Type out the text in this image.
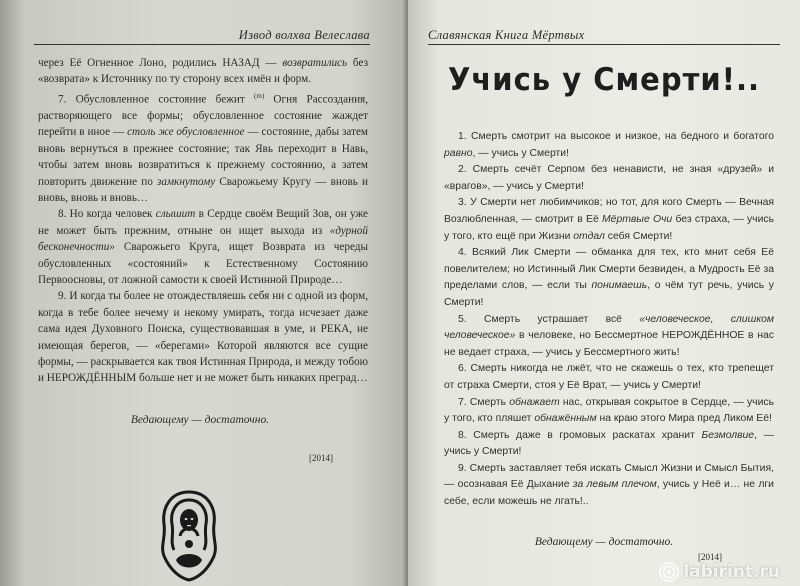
Извод волхва Велеслава

через Её Огненное Лоно, родились НАЗАД — возвратились без «возврата» к Источнику по ту сторону всех имён и форм.

7. Обусловленное состояние бежит $^{(m)}$ Огня Рассоздания, растворяющего все формы; обусловленное состояние жаждет перейти в иное — столь же обусловленное — состояние, дабы затем вновь вернуться в прежнее состояние; так Явь переходит в Навь, чтобы затем вновь возвратиться к прежнему состоянию, а затем повторить движение по замкнутому Сварожьему Кругу — вновь и вновь, вновь и вновь…

8. Но когда человек слышит в Сердце своём Вещий Зов, он уже не может быть прежним, отныне он ищет выхода из «дурной бесконечности» Сварожьего Круга, ищет Возврата из череды обусловленных «состояний» к Естественному Состоянию Первоосновы, от ложной самости к своей Истинной Природе…

9. И когда ты более не отождествляешь себя ни с одной из форм, когда в тебе более нечему и некому умирать, тогда исчезает даже сама идея Духовного Поиска, существовавшая в уме, и РЕКА, не имеющая берегов, — «берегами» Которой являются все сущие формы, — раскрывается как твоя Истинная Природа, и между тобою и НЕРОЖДЁННЫМ больше нет и не может быть никаких преград…

Ведающему — достаточно.
[2014]
Славянская Книга Мёртвых
Учись у Смерти!..

1. Смерть смотрит на высокое и низкое, на бедного и богатого равно, — учись у Смерти!

2. Смерть сечёт Серпом без ненависти, не зная «друзей» и «врагов», — учись у Смерти!

3. У Смерти нет любимчиков; но тот, для кого Смерть — Вечная Возлюбленная, — смотрит в Её Мёртвые Очи без страха, — учись у того, кто ещё при Жизни отдал себя Смерти!

4. Всякий Лик Смерти — обманка для тех, кто мнит себя Её повелителем; но Истинный Лик Смерти безвиден, а Мудрость Её за пределами слов, — если ты понимаешь, о чём тут речь, учись у Смерти!

5. Смерть устрашает всё «человеческое, слишком человеческое» в человеке, но Бессмертное НЕРОЖДЁННОЕ в нас не ведает страха, — учись у Бессмертного жить!

6. Смерть никогда не лжёт, что не скажешь о тех, кто трепещет от страха Смерти, стоя у Её Врат, — учись у Смерти!

7. Смерть обнажает нас, открывая сокрытое в Сердце, — учись у того, кто пляшет обнажённым на краю этого Мира пред Ликом Её!

8. Смерть даже в громовых раскатах хранит Безмолвие, — учись у Смерти!

9. Смерть заставляет тебя искать Смысл Жизни и Смысл Бытия, — осознавая Её Дыхание за левым плечом, учись у Неё и… не лги себе, если можешь не лгать!..

Ведающему — достаточно.
[2014]
labirint.ru
